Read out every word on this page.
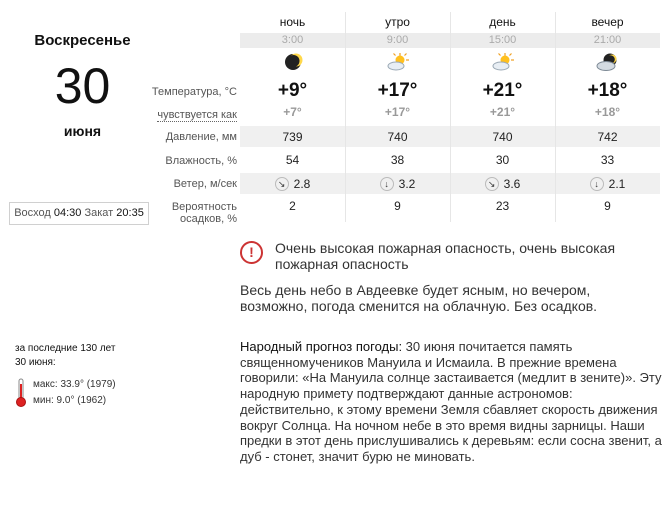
Воскресенье
30
июня
Восход 04:30 Закат 20:35
за последние 130 лет
30 июня:
макс: 33.9° (1979)
мин: 9.0° (1962)
Температура, °С
чувствуется как
Давление, мм
Влажность, %
Ветер, м/сек
Вероятность
осадков, %
ночь
3:00
+9°
+7°
739
54
↘ 2.8
2
утро
9:00
+17°
+17°
740
38
↓ 3.2
9
день
15:00
+21°
+21°
740
30
↘ 3.6
23
вечер
21:00
+18°
+18°
742
33
↓ 2.1
9
!	Очень высокая пожарная опасность, очень высокая пожарная опасность
Весь день небо в Авдеевке будет ясным, но вечером, возможно, погода сменится на облачную. Без осадков.
Народный прогноз погоды: 30 июня почитается память священномучеников Мануила и Исмаила. В прежние времена говорили: «На Мануила солнце застаивается (медлит в зените)». Эту народную примету подтверждают данные астрономов: действительно, к этому времени Земля сбавляет скорость движения вокруг Солнца. На ночном небе в это время видны зарницы. Наши предки в этот день прислушивались к деревьям: если сосна звенит, а дуб - стонет, значит бурю не миновать.
